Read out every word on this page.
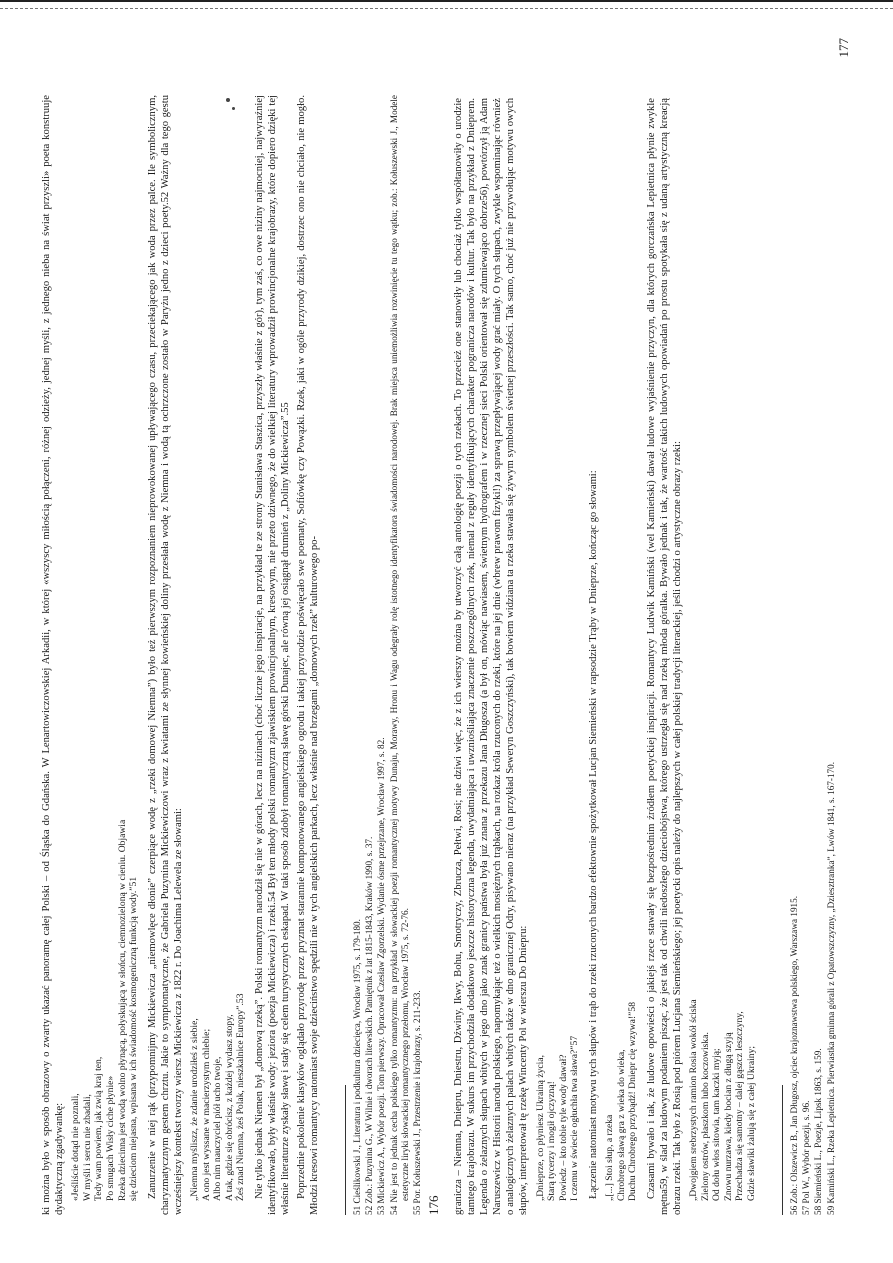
ki można było w sposób obrazowy o zwarty ukazać panoramę całej Polski – od Śląska do Gdańska. W Lenartowiczowskiej Arkadii, w której «wszyscy miłością połączeni, różnej odzieży, jednej myśli, z jednego nieba na świat przyszli» poeta konstruuje dydaktyczną zgadywankę: «Jeśliście dotąd nie poznali, W myśli i sercu nie zbadali, Tedy wam powiem, jak zwią kraj ten, Po smugach Wisły ciche płynie» Rzeka dziecinna jest wodą wolno płynącą, połyskującą w słońcu, ciemnozieloną w cieniu. Objawia się dzieciom niejasna, wpisana w ich świadomość kosmogeniczną funkcją wody.”51 Zanurzenie w niej rąk (przypomnijmy Mickiewicza „niemowlęce dłonie” czerpiące wodę z „rzeki domowej Niemna”) było też pierwszym rozpoznaniem nieprowokowanej upływającego czasu, przeciekającego jak woda przez palce. Ile symbolicznym, charyzmatycznym gestem chrztu. Jakie to symptomatyczne, że Gabriela Puzynina Mickiewiczowi wraz z kwiatami ze słynnej kowieńskiej doliny przesłała wodę z Niemna i wodą tą ochrzczone zostało w Paryżu jedno z dzieci poety.52 Ważny dla tego gestu wcześniejszy kontekst tworzy wiersz Mickiewicza z 1822 r. Do Joachima Lelewela ze słowami: „Niemna myśliszz, że zdanie urodziłeś z siebie, A ono jest wyssane w macierzystym chlebie; Albo nim nauczyciel piół ucho twoje, A tak, gdzie się obrócisz, z każdej wydasz stopy, Źeś znad Niemna, żeś Polak, nieszkalnice Europy”.53 Nie tylko jednak Niemen był „domową rzeką”. Polski romantyzm narodził się nie w górach, lecz na nizinach (choć liczne jego inspiracje, na przykład te ze strony Stanisława Staszica, przyszły właśnie z gór), tym zaś, co owe niziny najmocniej, najwyraźniej identyfikowało, były właśnie wody: jeziora (poezja Mickiewicza) i rzeki.54 Był ten młody polski romantyzm zjawiskiem prowincjonalnym, kresowym, nie przeto dziwnego, że do wielkiej literatury wprowadził prowincjonalne krajobrazy, które dopiero dzięki tej właśnie literaturze zyskały sławę i stały się celem turystycznych eskapad. W taki sposób zdobył romantyczną sławę górski Dunajec, ale równą jej osiągnął drumień z „Doliny Mickiewicza”.55 Poprzednie pokolenie klasyków oglądało przyrodę przez pryzmat starannie komponowanego angielskiego ogrodu i takiej przyrodzie poświęcało swe poematy, Sofiówkę czy Powązki. Rzek, jaki w ogóle przyrody dzikiej, dostrzec ono nie chciało, nie mogło. Młodzi kresowi romantycy natomiast swoje dzieciństwo spędzili nie w tych angielskich parkach, lecz właśnie nad brzegami „domowych rzek” kulturowego po-	51 Cieślikowski J., Literatura i podkultura dziecięca, Wrocław 1975, s. 179-180. 52 Zob.: Puzynina G., W Wilnie i dworach litewskich. Pamiętnik z lat 1815-1843, Kraków 1990, s. 37. 53 Mickiewicz A., Wybór poezji. Tom pierwszy. Opracował Czesław Zgorzelski. Wydanie ósme przejrzane, Wrocław 1997, s. 82. 54 Nie jest to jednak cecha polskiego tylko romantyzmu: na przykład w słowackiej poezji romantycznej motywy Dunaju, Morawy, Hronu i Wagu odegrały rolę istotnego identyfikatora świadomości narodowej. Brak miejsca uniemożliwia rozwinięcie tu tego wątku; zob.: Kołuszewski J., Modele estetyczne liryki słowackiej romantycznego przełomu, Wrocław 1975, s. 72-76. 55 Por. Kołuszewski J., Przestrzenie i krajobrazy, s. 211-233. 176 granicza – Niemna, Dniepru, Dniestru, Dźwiny, Ikwy, Bohu, Smotryczy, Zbrucza, Pełtwi, Rosi; nie dziwi więc, że z ich wierszy można by utworzyć całą antologię poezji o tych rzekach. To przecież one stanowiły lub chociaż tylko współtanowiły o urodzie tamtego krajobrazu. W sukurs im przychodziła dodatkowo jeszcze historyczna legenda, uwydatniająca i uwzniośliająca znaczenie poszczególnych rzek, niemal z reguły identyfikujących charakter pogranicza narodów i kultur. Tak było na przykład z Dnieprem. Legenda o żelaznych słupach wbitych w jego dno jako znak granicy państwa była już znana z przekazu Jana Długosza (a był on, mówiąc nawiasem, świetnym hydrografem i w rzecznej sieci Polski orientował się zdumiewająco dobrze56), powtórzył ją Adam Naruszewicz w Historii narodu polskiego, napomykając też o wielkich mosiężnych trąbkach, na rozkaz króla rzuconych do rzeki, które na jej dnie (wbrew prawom fizyki!) za sprawą przepływającej wody grać miały. O tych słupach, zwykle wspominając również o analogicznych żelaznych palach wbitych także w dno granicznej Odry, pisywano nieraz (na przykład Seweryn Goszczyński), tak bowiem widziana ta rzeka stawała się żywym symbolem świetnej przeszłości. Tak samo, choć już nie przywołując motywu owych słupów, interpretował tę rzekę Wincenty Pol w wierszu Do Dniepru: „Dnieprze, co płyniesz Ukrainą życia, Starą tycerzy i mogił ojczyzną! Powiedz – kto tobie tyle wody dawał? I czemu w świecie ogłuchła twa sława?”57 Łączenie natomiast motywu tych słupów i trąb do rzeki rzuconych bardzo efektownie spożytkował Lucjan Siemieński w rapsodzie Trąby w Dnieprze, kończąc go słowami: „[...] Stoi słup, a rzeka Chrobrego sławą gra z wieka do wieka, Duchu Chrobrego przybądź! Dniepr cię wzywa!”58 Czasami bywało i tak, że ludowe opowieści o jakiejś rzece stawały się bezpośrednim źródłem poetyckiej inspiracji. Romantycy Ludwik Kamiński (wel Kamieński) dawał ludowe wyjaśnienie przyczyn, dla których gorczańska Lepietnica płynie zwykle mętna59, w ślad za ludowym podaniem pisząc, że jest tak od chwili niedoszłego dzieciobójstwa, którego ustrzegła się nad rzeką młoda góralka. Bywało jednak i tak, że wartość takich ludowych opowiadań po prostu spotykała się z udaną artystyczną kreacją obrazu rzeki. Tak było z Rosią pod piórem Lucjana Siemieńskiego; jej poetycki opis należy do najlepszych w całej polskiej tradycji literackiej, jeśli chodzi o artystyczne obrazy rzeki: „Dwojgiem srebrzystych ramion Rosia wokół ściska Zielony ostrów, płaszkom lubo koczowiska. Od dołu włos sitowia, tam kaczki myją; Znowu nurzawa, kiedy bocian z długą szyją Przechadza się samotny – dalej gąszcz leszczyny, Gdzie sławiki żalują się z całej Ukrainy;	56 Zob.: Olszewicz B., Jan Długosz, ojciec krajoznawstwa polskiego, Warszawa 1915. 57 Pol W., Wybór poezji, s. 96. 58 Siemieński L., Poezje, Lipsk 1863, s. 159. 59 Kamiński L., Rzeka Lepietnica. Pierwiastka gminna górali z Opatowszczyzny, „Dziesztranka”, Lwów 1841, s. 167-170.
177
